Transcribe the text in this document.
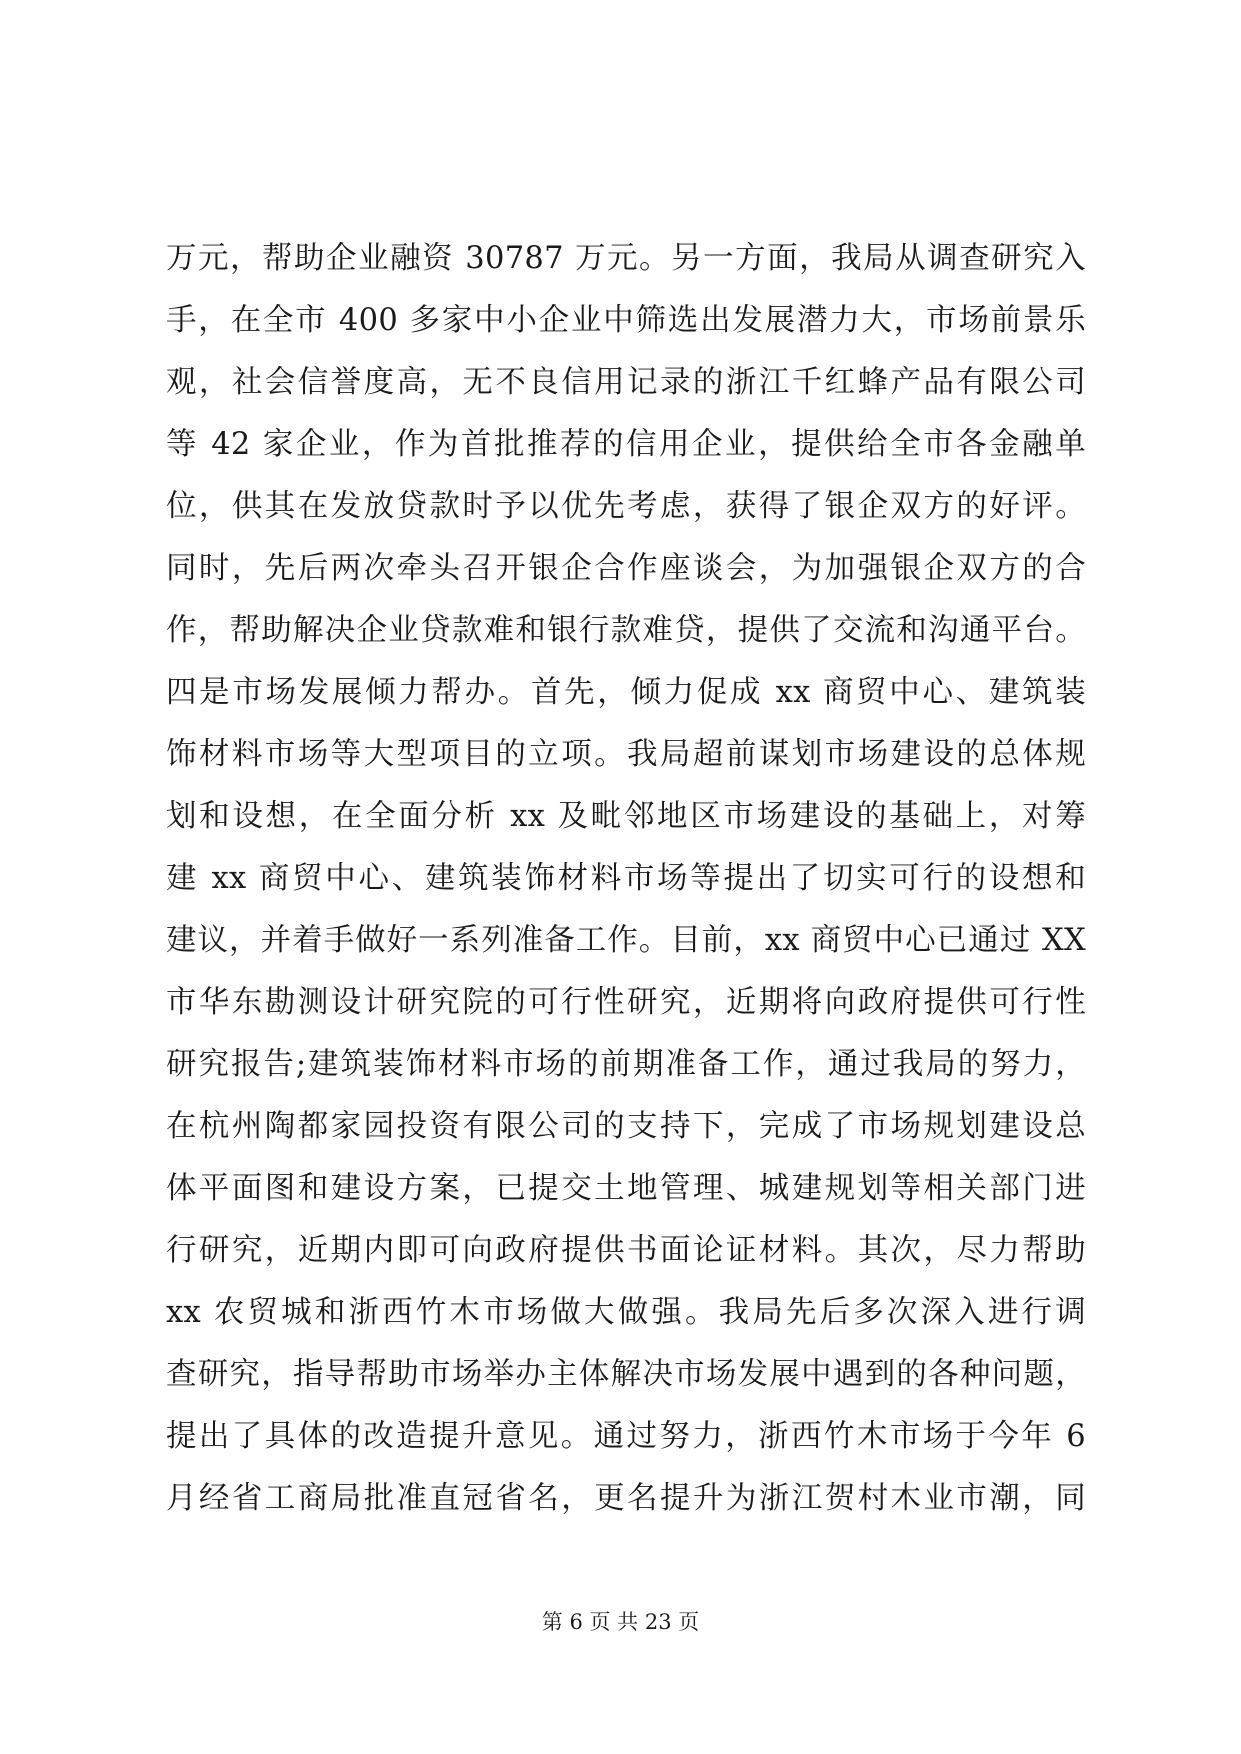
万元，帮助企业融资 30787 万元。另一方面，我局从调查研究入
手，在全市 400 多家中小企业中筛选出发展潜力大，市场前景乐
观，社会信誉度高，无不良信用记录的浙江千红蜂产品有限公司
等 42 家企业，作为首批推荐的信用企业，提供给全市各金融单
位，供其在发放贷款时予以优先考虑，获得了银企双方的好评。
同时，先后两次牵头召开银企合作座谈会，为加强银企双方的合
作，帮助解决企业贷款难和银行款难贷，提供了交流和沟通平台。
四是市场发展倾力帮办。首先，倾力促成 xx 商贸中心、建筑装
饰材料市场等大型项目的立项。我局超前谋划市场建设的总体规
划和设想，在全面分析 xx 及毗邻地区市场建设的基础上，对筹
建 xx 商贸中心、建筑装饰材料市场等提出了切实可行的设想和
建议，并着手做好一系列准备工作。目前，xx 商贸中心已通过 XX
市华东勘测设计研究院的可行性研究，近期将向政府提供可行性
研究报告;建筑装饰材料市场的前期准备工作，通过我局的努力，
在杭州陶都家园投资有限公司的支持下，完成了市场规划建设总
体平面图和建设方案，已提交土地管理、城建规划等相关部门进
行研究，近期内即可向政府提供书面论证材料。其次，尽力帮助
xx 农贸城和浙西竹木市场做大做强。我局先后多次深入进行调
查研究，指导帮助市场举办主体解决市场发展中遇到的各种问题，
提出了具体的改造提升意见。通过努力，浙西竹木市场于今年 6
月经省工商局批准直冠省名，更名提升为浙江贺村木业市潮，同
第 6 页 共 23 页
